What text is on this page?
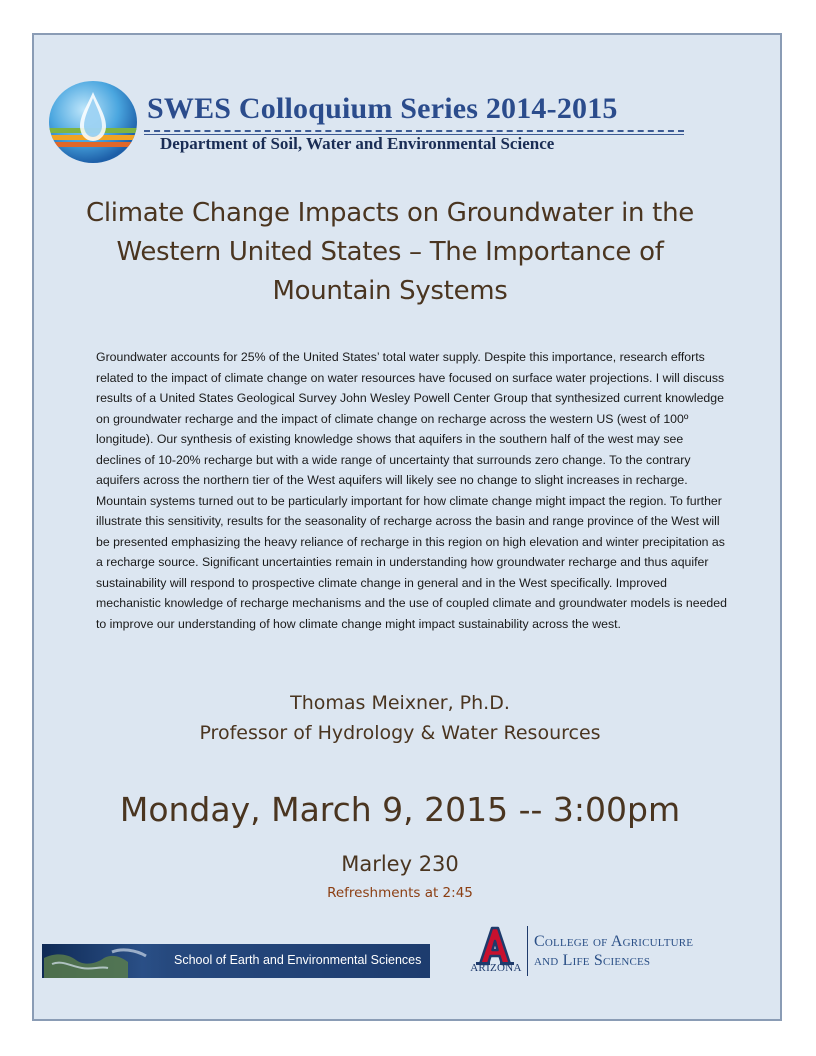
SWES Colloquium Series 2014-2015
Department of Soil, Water and Environmental Science
Climate Change Impacts on Groundwater in the Western United States – The Importance of Mountain Systems
Groundwater accounts for 25% of the United States’ total water supply. Despite this importance, research efforts related to the impact of climate change on water resources have focused on surface water projections. I will discuss results of a United States Geological Survey John Wesley Powell Center Group that synthesized current knowledge on groundwater recharge and the impact of climate change on recharge across the western US (west of 100º longitude). Our synthesis of existing knowledge shows that aquifers in the southern half of the west may see declines of 10-20% recharge but with a wide range of uncertainty that surrounds zero change. To the contrary aquifers across the northern tier of the West aquifers will likely see no change to slight increases in recharge. Mountain systems turned out to be particularly important for how climate change might impact the region. To further illustrate this sensitivity, results for the seasonality of recharge across the basin and range province of the West will be presented emphasizing the heavy reliance of recharge in this region on high elevation and winter precipitation as a recharge source. Significant uncertainties remain in understanding how groundwater recharge and thus aquifer sustainability will respond to prospective climate change in general and in the West specifically. Improved mechanistic knowledge of recharge mechanisms and the use of coupled climate and groundwater models is needed to improve our understanding of how climate change might impact sustainability across the west.
Thomas Meixner, Ph.D.
Professor of Hydrology & Water Resources
Monday, March 9, 2015 -- 3:00pm
Marley 230
Refreshments at 2:45
School of Earth and Environmental Sciences
ARIZONA
College of Agriculture
and Life Sciences
